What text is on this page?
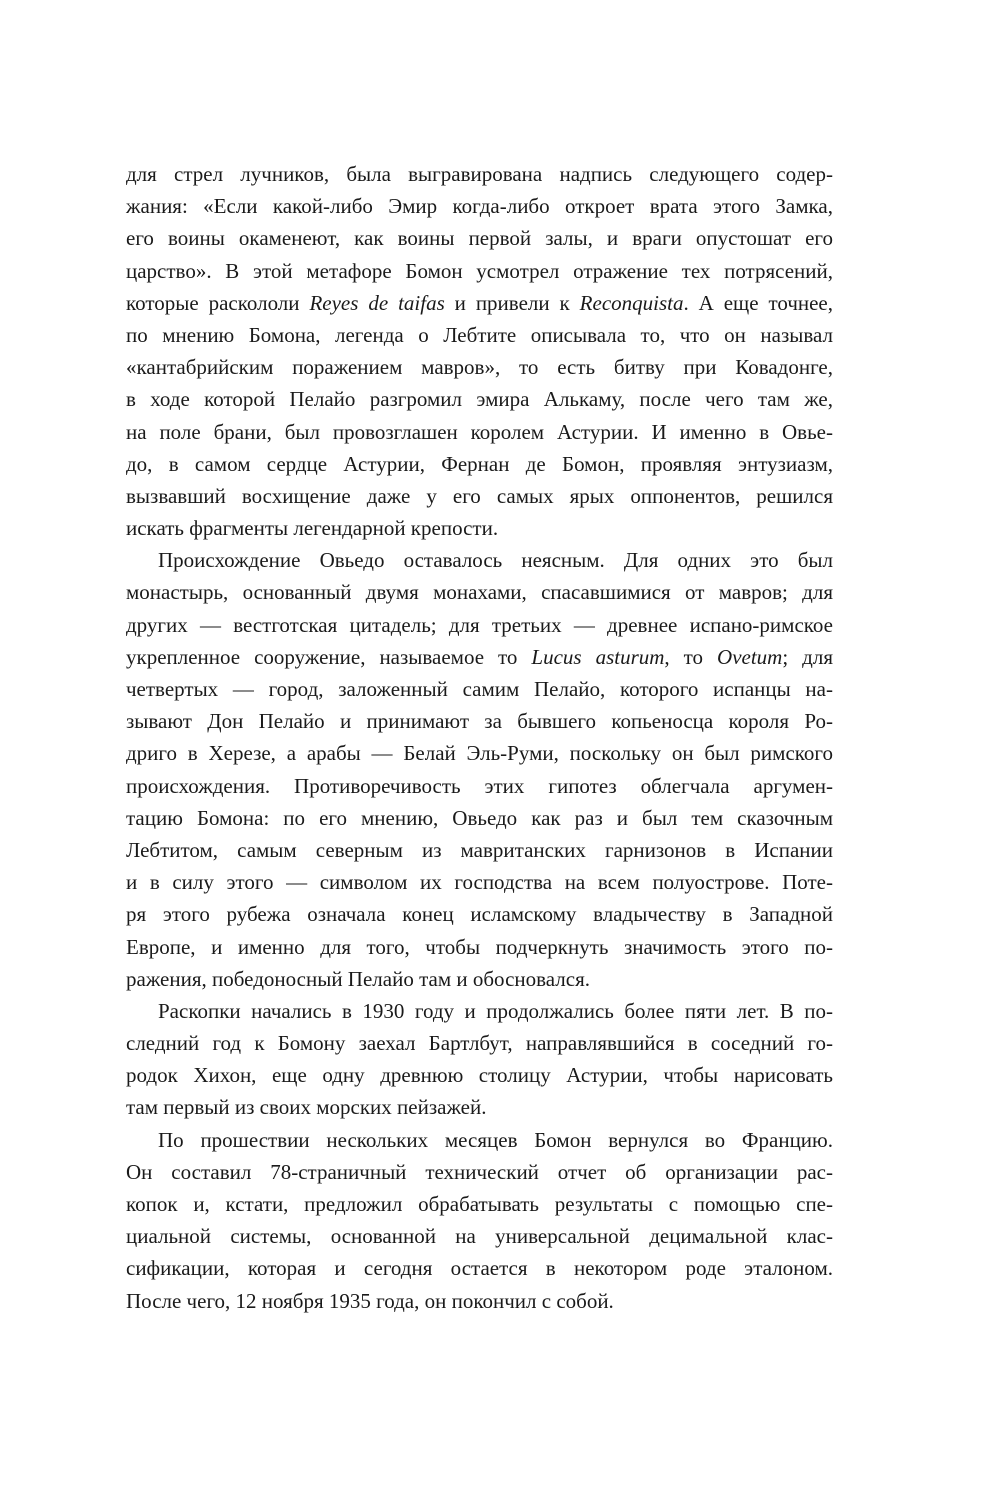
для стрел лучников, была выгравирована надпись следующего содер-
жания: «Если какой-либо Эмир когда-либо откроет врата этого Замка,
его воины окаменеют, как воины первой залы, и враги опустошат его
царство». В этой метафоре Бомон усмотрел отражение тех потрясений,
которые раскололи Reyes de taifas и привели к Reconquista. А еще точнее,
по мнению Бомона, легенда о Лебтите описывала то, что он называл
«кантабрийским поражением мавров», то есть битву при Ковадонге,
в ходе которой Пелайо разгромил эмира Алькаму, после чего там же,
на поле брани, был провозглашен королем Астурии. И именно в Овье-
до, в самом сердце Астурии, Фернан де Бомон, проявляя энтузиазм,
вызвавший восхищение даже у его самых ярых оппонентов, решился
искать фрагменты легендарной крепости.
Происхождение Овьедо оставалось неясным. Для одних это был
монастырь, основанный двумя монахами, спасавшимися от мавров; для
других — вестготская цитадель; для третьих — древнее испано-римское
укрепленное сооружение, называемое то Lucus asturum, то Ovetum; для
четвертых — город, заложенный самим Пелайо, которого испанцы на-
зывают Дон Пелайо и принимают за бывшего копьеносца короля Ро-
дриго в Херезе, а арабы — Белай Эль-Руми, поскольку он был римского
происхождения. Противоречивость этих гипотез облегчала аргумен-
тацию Бомона: по его мнению, Овьедо как раз и был тем сказочным
Лебтитом, самым северным из мавританских гарнизонов в Испании
и в силу этого — символом их господства на всем полуострове. Поте-
ря этого рубежа означала конец исламскому владычеству в Западной
Европе, и именно для того, чтобы подчеркнуть значимость этого по-
ражения, победоносный Пелайо там и обосновался.
Раскопки начались в 1930 году и продолжались более пяти лет. В по-
следний год к Бомону заехал Бартлбут, направлявшийся в соседний го-
родок Хихон, еще одну древнюю столицу Астурии, чтобы нарисовать
там первый из своих морских пейзажей.
По прошествии нескольких месяцев Бомон вернулся во Францию.
Он составил 78-страничный технический отчет об организации рас-
копок и, кстати, предложил обрабатывать результаты с помощью спе-
циальной системы, основанной на универсальной децимальной клас-
сификации, которая и сегодня остается в некотором роде эталоном.
После чего, 12 ноября 1935 года, он покончил с собой.
